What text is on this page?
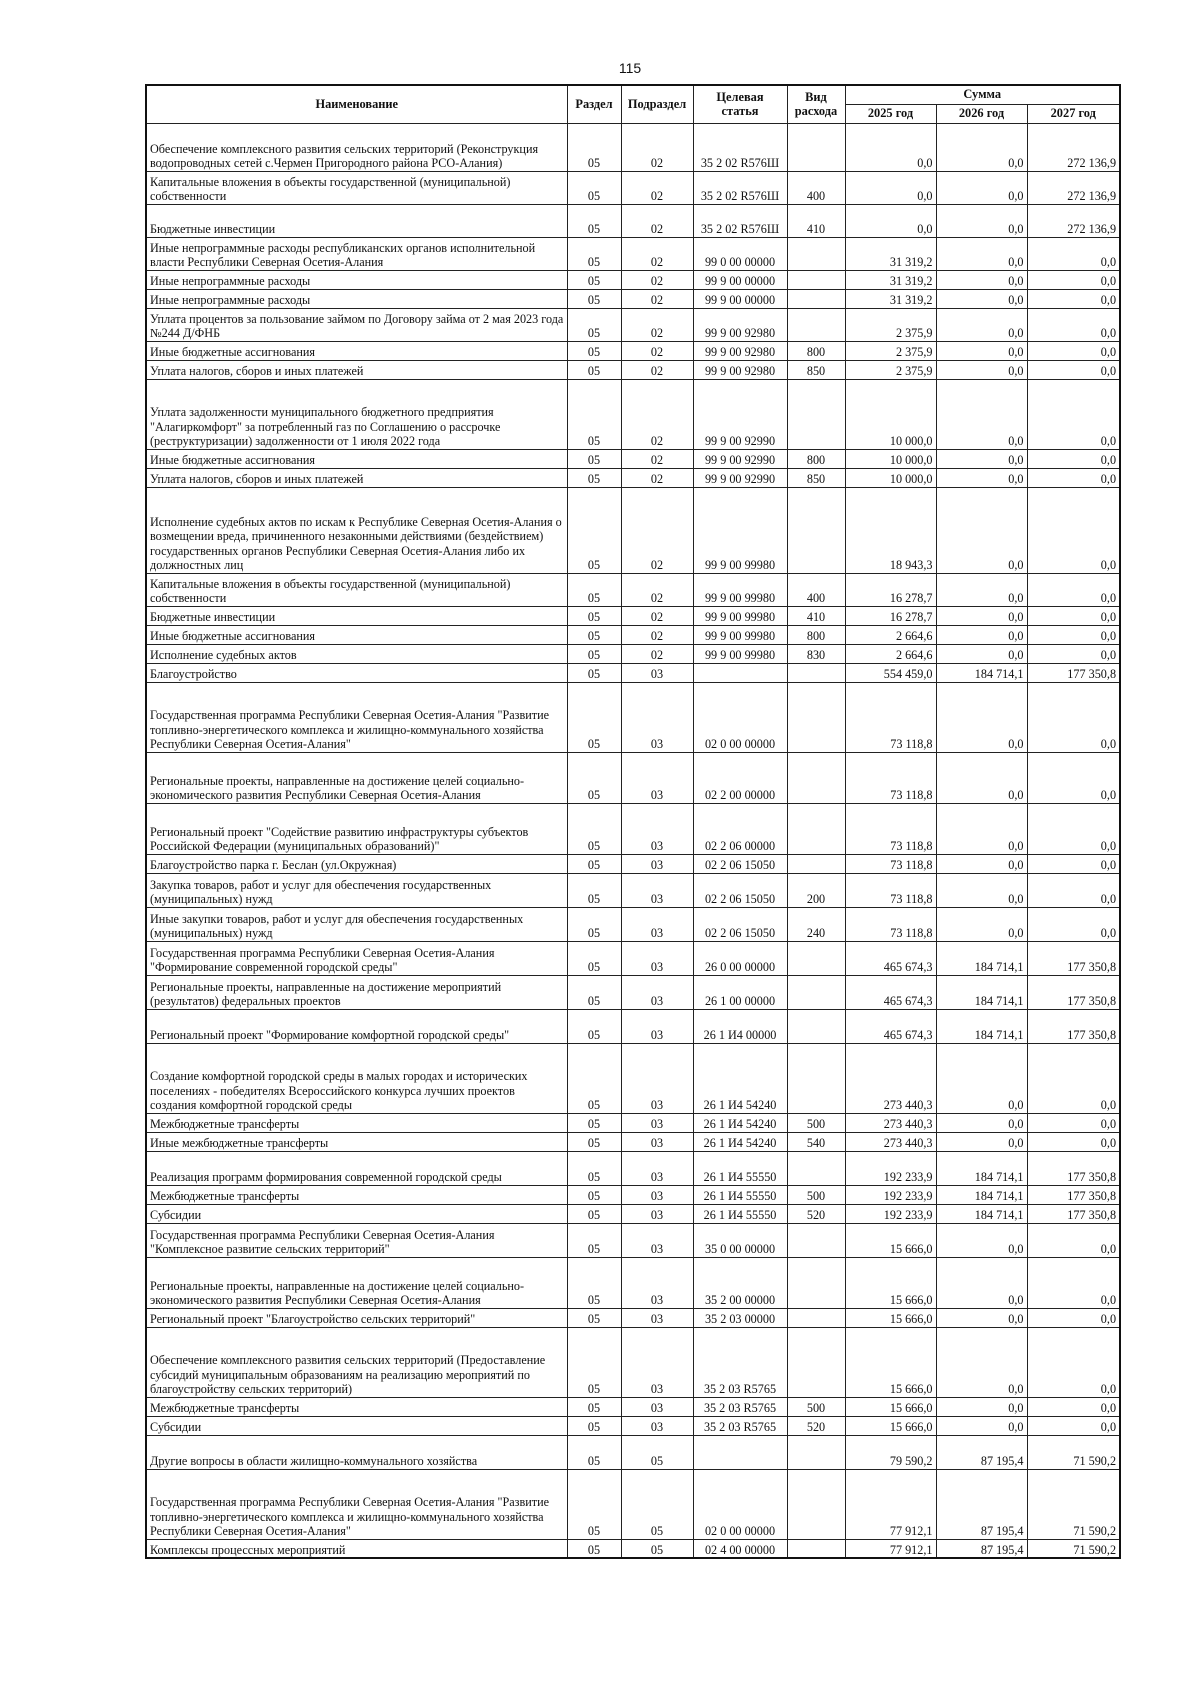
115
Наименование	Раздел	Подраздел	Целевая статья	Вид расхода	Сумма		
					2025 год	2026 год	2027 год
Обеспечение комплексного развития сельских территорий (Реконструкция водопроводных сетей с.Чермен Пригородного района РСО-Алания)	05	02	35 2 02 R576Ш		0,0	0,0	272 136,9
Капитальные вложения в объекты государственной (муниципальной) собственности	05	02	35 2 02 R576Ш	400	0,0	0,0	272 136,9
Бюджетные инвестиции	05	02	35 2 02 R576Ш	410	0,0	0,0	272 136,9
Иные непрограммные расходы республиканских органов исполнительной власти Республики Северная Осетия-Алания	05	02	99 0 00 00000		31 319,2	0,0	0,0
Иные непрограммные расходы	05	02	99 9 00 00000		31 319,2	0,0	0,0
Иные непрограммные расходы	05	02	99 9 00 00000		31 319,2	0,0	0,0
Уплата процентов за пользование займом по Договору займа от 2 мая 2023 года №244 Д/ФНБ	05	02	99 9 00 92980		2 375,9	0,0	0,0
Иные бюджетные ассигнования	05	02	99 9 00 92980	800	2 375,9	0,0	0,0
Уплата налогов, сборов и иных платежей	05	02	99 9 00 92980	850	2 375,9	0,0	0,0
Уплата задолженности муниципального бюджетного предприятия "Алагиркомфорт" за потребленный газ по Соглашению о рассрочке (реструктуризации) задолженности от 1 июля 2022 года	05	02	99 9 00 92990		10 000,0	0,0	0,0
Иные бюджетные ассигнования	05	02	99 9 00 92990	800	10 000,0	0,0	0,0
Уплата налогов, сборов и иных платежей	05	02	99 9 00 92990	850	10 000,0	0,0	0,0
Исполнение судебных актов по искам к Республике Северная Осетия-Алания о возмещении вреда, причиненного незаконными действиями (бездействием) государственных органов Республики Северная Осетия-Алания либо их должностных лиц	05	02	99 9 00 99980		18 943,3	0,0	0,0
Капитальные вложения в объекты государственной (муниципальной) собственности	05	02	99 9 00 99980	400	16 278,7	0,0	0,0
Бюджетные инвестиции	05	02	99 9 00 99980	410	16 278,7	0,0	0,0
Иные бюджетные ассигнования	05	02	99 9 00 99980	800	2 664,6	0,0	0,0
Исполнение судебных актов	05	02	99 9 00 99980	830	2 664,6	0,0	0,0
Благоустройство	05	03			554 459,0	184 714,1	177 350,8
Государственная программа Республики Северная Осетия-Алания "Развитие топливно-энергетического комплекса и жилищно-коммунального хозяйства Республики Северная Осетия-Алания"	05	03	02 0 00 00000		73 118,8	0,0	0,0
Региональные проекты, направленные на достижение целей социально-экономического развития Республики Северная Осетия-Алания	05	03	02 2 00 00000		73 118,8	0,0	0,0
Региональный проект "Содействие развитию инфраструктуры субъектов Российской Федерации (муниципальных образований)"	05	03	02 2 06 00000		73 118,8	0,0	0,0
Благоустройство парка г. Беслан (ул.Окружная)	05	03	02 2 06 15050		73 118,8	0,0	0,0
Закупка товаров, работ и услуг для обеспечения государственных (муниципальных) нужд	05	03	02 2 06 15050	200	73 118,8	0,0	0,0
Иные закупки товаров, работ и услуг для обеспечения государственных (муниципальных) нужд	05	03	02 2 06 15050	240	73 118,8	0,0	0,0
Государственная программа Республики Северная Осетия-Алания "Формирование современной городской среды"	05	03	26 0 00 00000		465 674,3	184 714,1	177 350,8
Региональные проекты, направленные на достижение мероприятий (результатов) федеральных проектов	05	03	26 1 00 00000		465 674,3	184 714,1	177 350,8
Региональный проект "Формирование комфортной городской среды"	05	03	26 1 И4 00000		465 674,3	184 714,1	177 350,8
Создание комфортной городской среды в малых городах и исторических поселениях - победителях Всероссийского конкурса лучших проектов создания комфортной городской среды	05	03	26 1 И4 54240		273 440,3	0,0	0,0
Межбюджетные трансферты	05	03	26 1 И4 54240	500	273 440,3	0,0	0,0
Иные межбюджетные трансферты	05	03	26 1 И4 54240	540	273 440,3	0,0	0,0
Реализация программ формирования современной городской среды	05	03	26 1 И4 55550		192 233,9	184 714,1	177 350,8
Межбюджетные трансферты	05	03	26 1 И4 55550	500	192 233,9	184 714,1	177 350,8
Субсидии	05	03	26 1 И4 55550	520	192 233,9	184 714,1	177 350,8
Государственная программа Республики Северная Осетия-Алания "Комплексное развитие сельских территорий"	05	03	35 0 00 00000		15 666,0	0,0	0,0
Региональные проекты, направленные на достижение целей социально-экономического развития Республики Северная Осетия-Алания	05	03	35 2 00 00000		15 666,0	0,0	0,0
Региональный проект "Благоустройство сельских территорий"	05	03	35 2 03 00000		15 666,0	0,0	0,0
Обеспечение комплексного развития сельских территорий (Предоставление субсидий муниципальным образованиям на реализацию мероприятий по благоустройству сельских территорий)	05	03	35 2 03 R5765		15 666,0	0,0	0,0
Межбюджетные трансферты	05	03	35 2 03 R5765	500	15 666,0	0,0	0,0
Субсидии	05	03	35 2 03 R5765	520	15 666,0	0,0	0,0
Другие вопросы в области жилищно-коммунального хозяйства	05	05			79 590,2	87 195,4	71 590,2
Государственная программа Республики Северная Осетия-Алания "Развитие топливно-энергетического комплекса и жилищно-коммунального хозяйства Республики Северная Осетия-Алания"	05	05	02 0 00 00000		77 912,1	87 195,4	71 590,2
Комплексы процессных мероприятий	05	05	02 4 00 00000		77 912,1	87 195,4	71 590,2
